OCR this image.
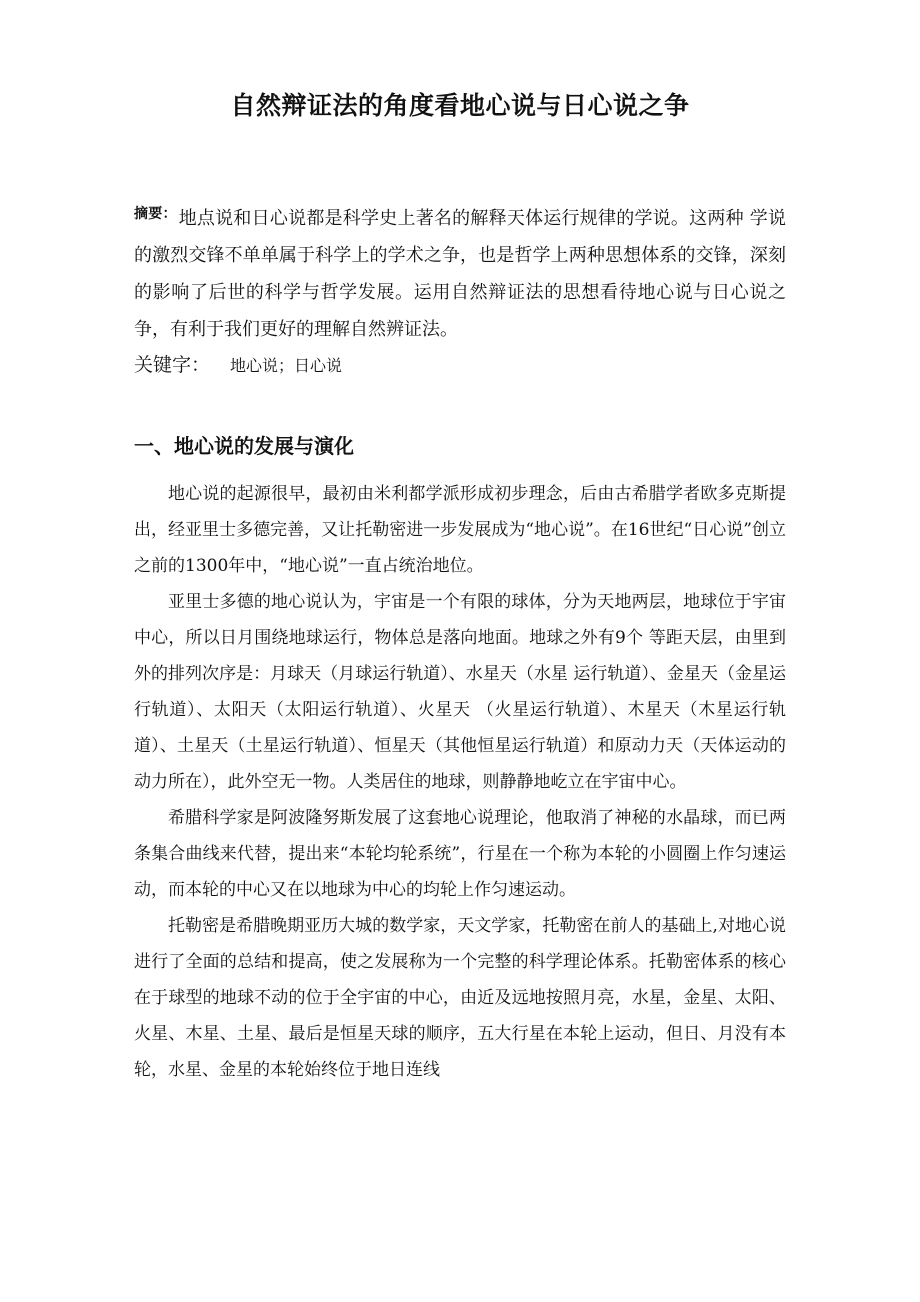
自然辩证法的角度看地心说与日心说之争

$^{摘要:}$ 地点说和日心说都是科学史上著名的解释天体运行规律的学说。这两种 学说的激烈交锋不单单属于科学上的学术之争，也是哲学上两种思想体系的交锋，深刻的影响了后世的科学与哲学发展。运用自然辩证法的思想看待地心说与日心说之争，有利于我们更好的理解自然辨证法。

关键字： 地心说；日心说

一、地心说的发展与演化

地心说的起源很早，最初由米利都学派形成初步理念，后由古希腊学者欧多克斯提出，经亚里士多德完善，又让托勒密进一步发展成为“地心说”。在16世纪“日心说”创立之前的1300年中，“地心说”一直占统治地位。

亚里士多德的地心说认为，宇宙是一个有限的球体，分为天地两层，地球位于宇宙中心，所以日月围绕地球运行，物体总是落向地面。地球之外有9个 等距天层，由里到外的排列次序是：月球天（月球运行轨道）、水星天（水星 运行轨道）、金星天（金星运行轨道）、太阳天（太阳运行轨道）、火星天 （火星运行轨道）、木星天（木星运行轨道）、土星天（土星运行轨道）、恒星天（其他恒星运行轨道）和原动力天（天体运动的动力所在），此外空无一物。人类居住的地球，则静静地屹立在宇宙中心。

希腊科学家是阿波隆努斯发展了这套地心说理论，他取消了神秘的水晶球，而已两条集合曲线来代替，提出来“本轮均轮系统”，行星在一个称为本轮的小圆圈上作匀速运动，而本轮的中心又在以地球为中心的均轮上作匀速运动。

托勒密是希腊晚期亚历大城的数学家，天文学家，托勒密在前人的基础上,对地心说进行了全面的总结和提高，使之发展称为一个完整的科学理论体系。托勒密体系的核心在于球型的地球不动的位于全宇宙的中心，由近及远地按照月亮，水星，金星、太阳、火星、木星、土星、最后是恒星天球的顺序，五大行星在本轮上运动，但日、月没有本轮，水星、金星的本轮始终位于地日连线
